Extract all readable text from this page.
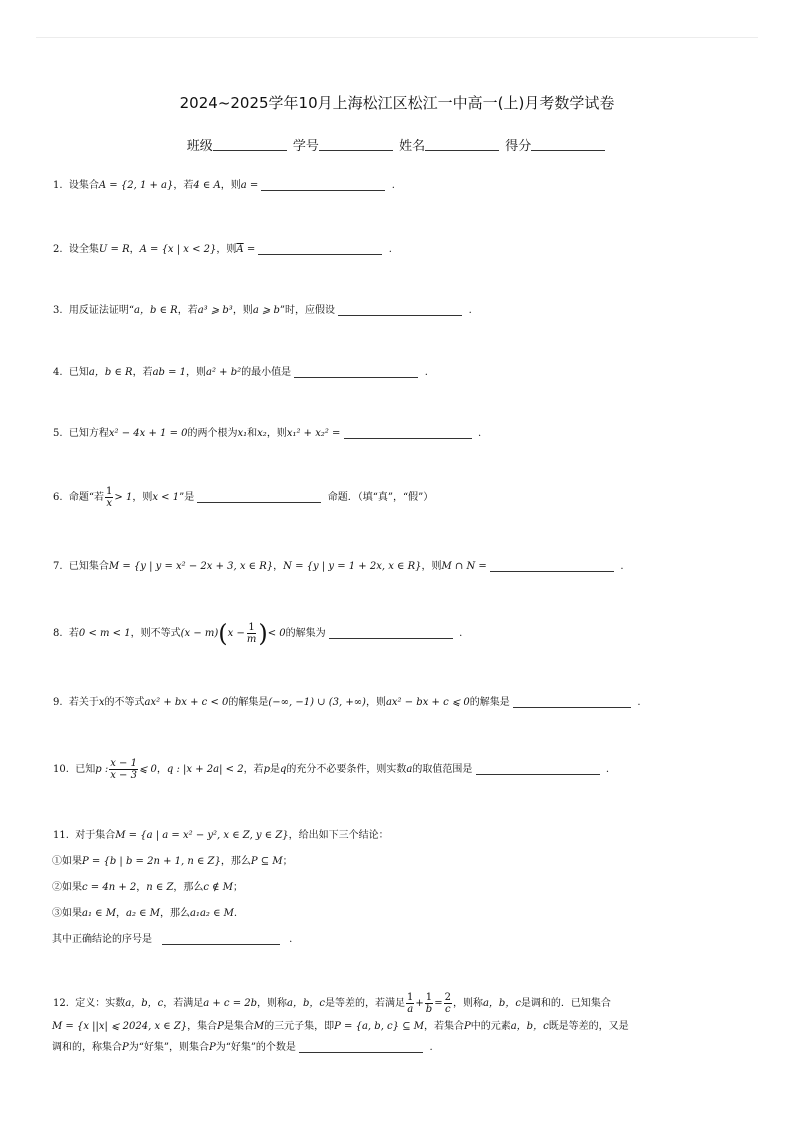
2024~2025学年10月上海松江区松江一中高一(上)月考数学试卷
班级	学号	姓名	得分
1. 设集合A = {2, 1 + a}，若4 ∈ A，则a =	.
2. 设全集U = R，A = {x | x < 2}，则$\overline{A}$ =	.
3. 用反证法证明“a，b ∈ R，若a³ ⩾ b³，则a ⩾ b”时，应假设	.
4. 已知a，b ∈ R，若ab = 1，则a² + b²的最小值是	.
5. 已知方程x² − 4x + 1 = 0的两个根为x₁和x₂，则x₁² + x₂² =	.
6. 命题“若 $\frac{1}{x} > 1$，则x < 1”是	命题．（填“真”，“假”）
7. 已知集合M = {y | y = x² − 2x + 3, x ∈ R}，N = {y | y = 1 + 2x, x ∈ R}，则M ∩ N =	.
8. 若0 < m < 1，则不等式$(x - m)(x - \frac{1}{m}$ )< 0的解集为	.
9. 若关于x的不等式ax² + bx + c < 0的解集是(−∞, −1) ∪ (3, +∞)，则ax² − bx + c ⩽ 0的解集是	.
10. 已知p : $\frac{x - 1}{x - 3}$ ⩽ 0，q : |x + 2a| < 2，若p是q的充分不必要条件，则实数a的取值范围是	.
11. 对于集合M = {a | a = x² − y², x ∈ Z, y ∈ Z}，给出如下三个结论：
①如果P = {b | b = 2n + 1, n ∈ Z}，那么P ⊆ M；
②如果c = 4n + 2，n ∈ Z，那么c ∉ M；
③如果a₁ ∈ M，a₂ ∈ M，那么a₁a₂ ∈ M.
其中正确结论的序号是	.
12. 定义：实数a，b，c，若满足a + c = 2b，则称a，b，c是等差的，若满足 $\frac{1}{a} + \frac{1}{b} = \frac{2}{c}$ ，则称a，b，c是调和的．已知集合
M = {x ||x| ⩽ 2024, x ∈ Z}，集合P是集合M的三元子集，即P = {a, b, c} ⊆ M，若集合P中的元素a，b，c既是等差的，又是
调和的，称集合P为“好集”，则集合P为“好集”的个数是	.
